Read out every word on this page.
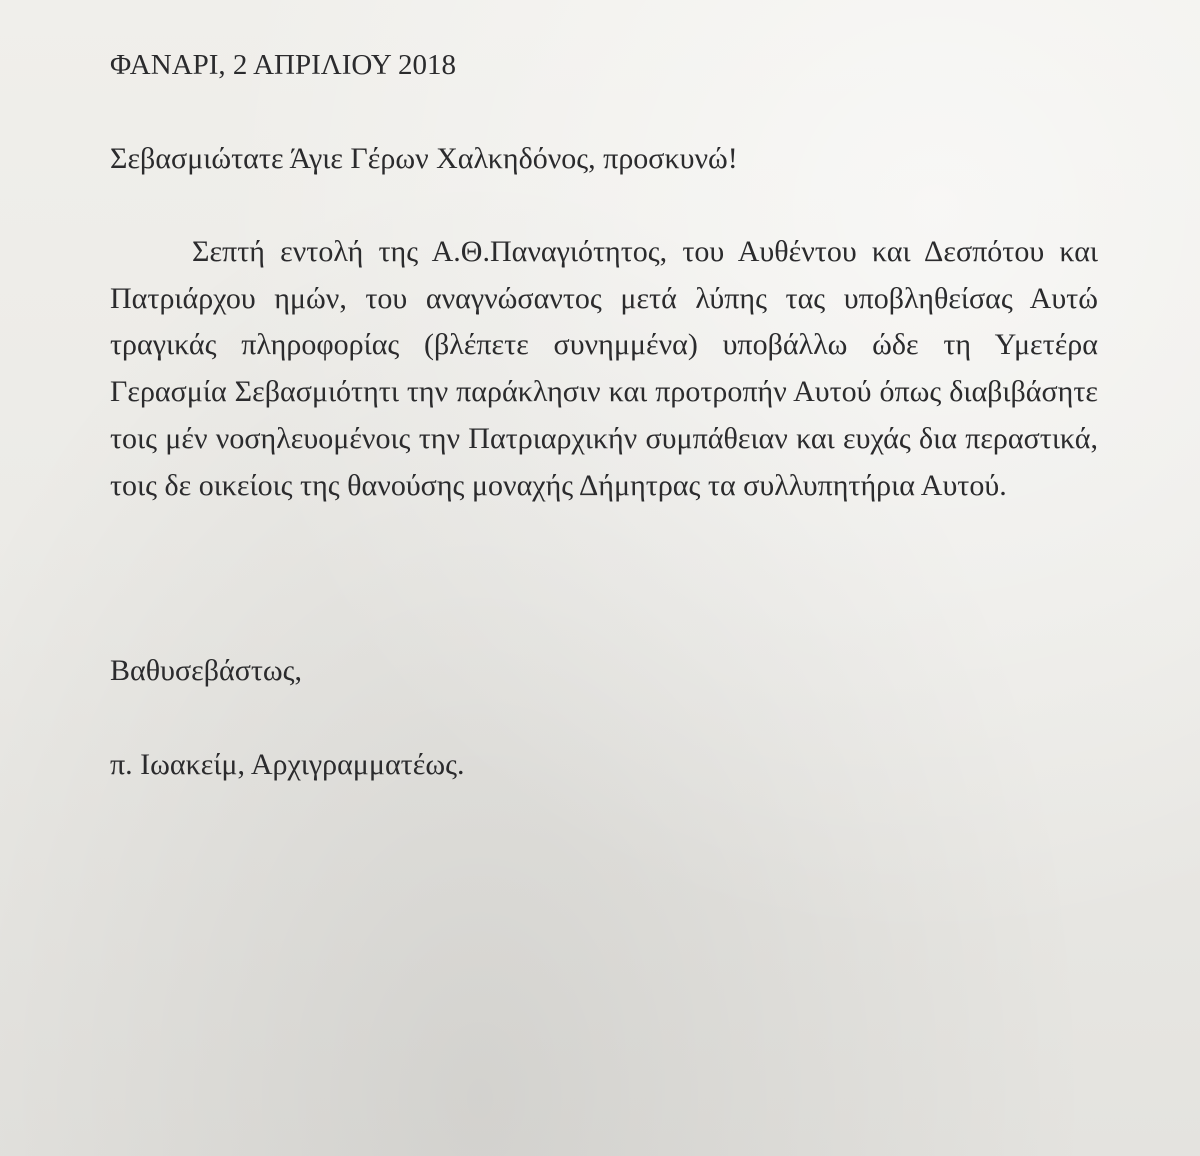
ΦΑΝΑΡΙ, 2 ΑΠΡΙΛΙΟΥ 2018

Σεβασμιώτατε Άγιε Γέρων Χαλκηδόνος, προσκυνώ!

Σεπτή εντολή της Α.Θ.Παναγιότητος, του Αυθέντου και Δεσπότου και Πατριάρχου ημών, του αναγνώσαντος μετά λύπης τας υποβληθείσας Αυτώ τραγικάς πληροφορίας (βλέπετε συνημμένα) υποβάλλω ώδε τη Υμετέρα Γερασμία Σεβασμιότητι την παράκλησιν και προτροπήν Αυτού όπως διαβιβάσητε τοις μέν νοσηλευομένοις την Πατριαρχικήν συμπάθειαν και ευχάς δια περαστικά, τοις δε οικείοις της θανούσης μοναχής Δήμητρας τα συλλυπητήρια Αυτού.

Βαθυσεβάστως,

π. Ιωακείμ, Αρχιγραμματέως.
